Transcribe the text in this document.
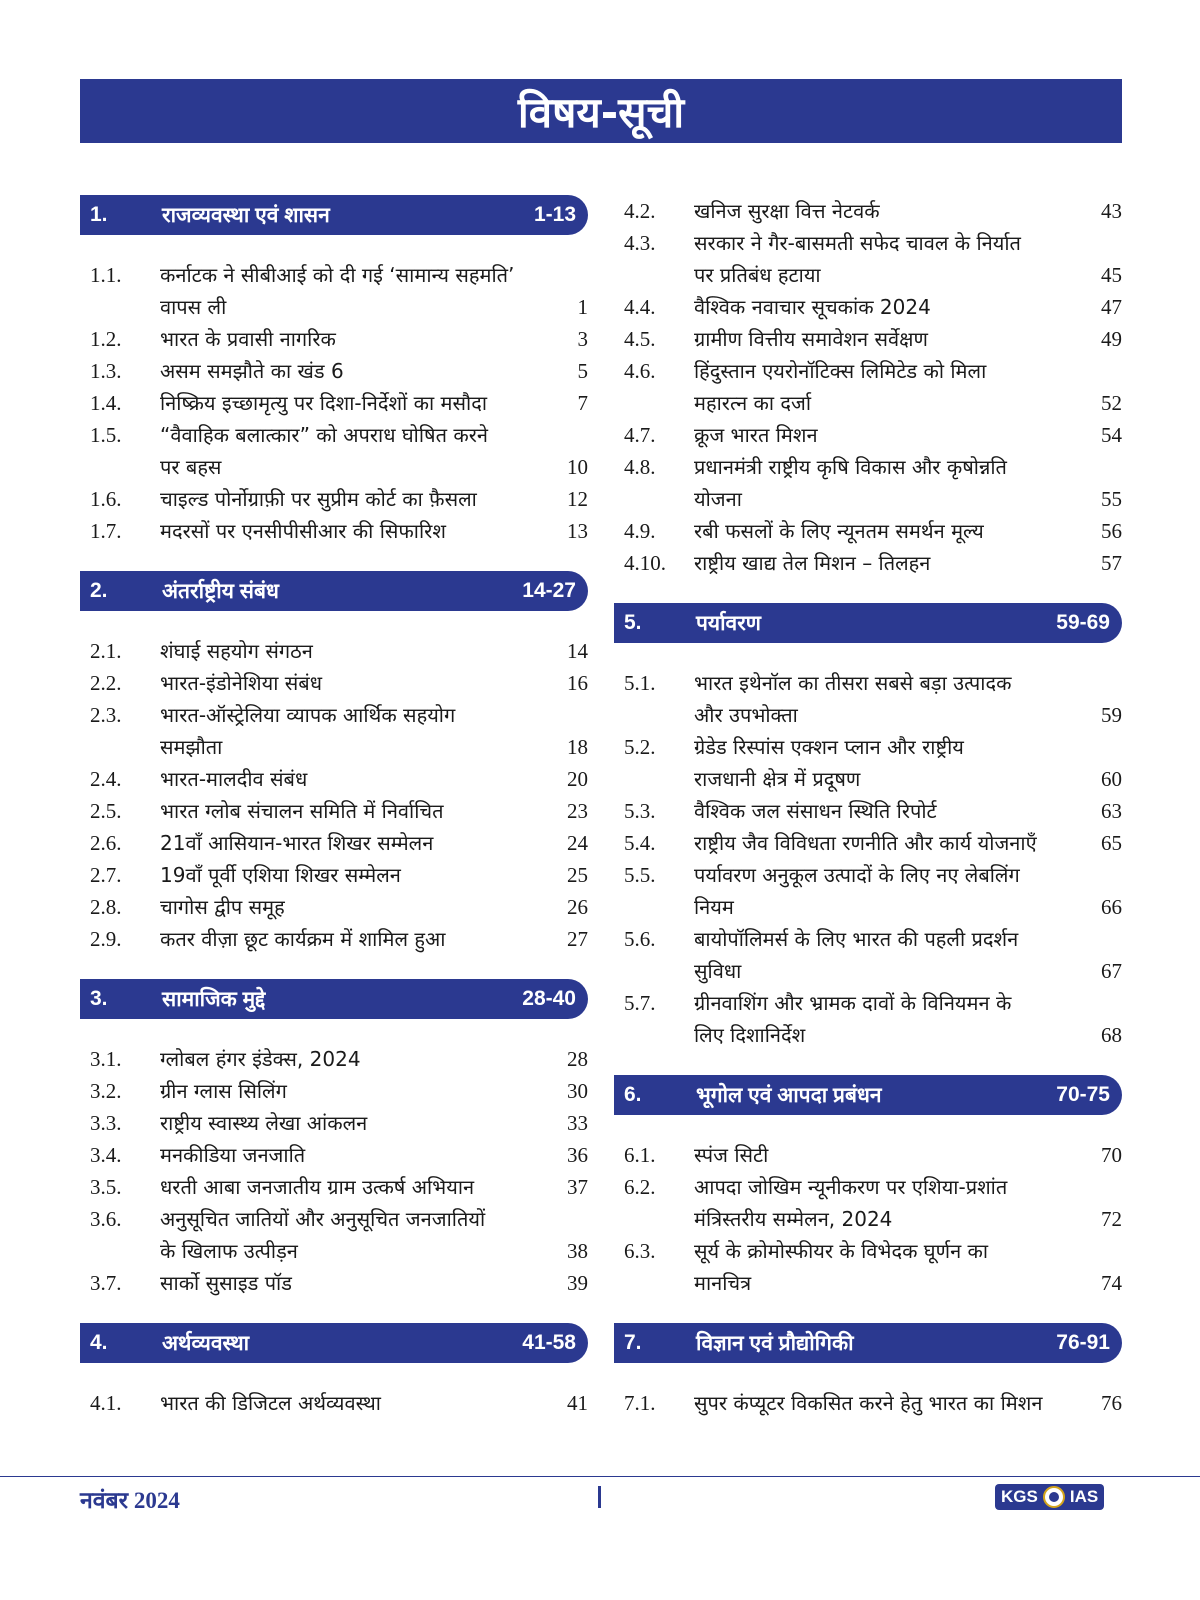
विषय-सूची
1.	राजव्यवस्था एवं शासन	1-13
1.1.	कर्नाटक ने सीबीआई को दी गई ‘सामान्य सहमति’
वापस ली	1
1.2.	भारत के प्रवासी नागरिक	3
1.3.	असम समझौते का खंड 6	5
1.4.	निष्क्रिय इच्छामृत्यु पर दिशा-निर्देशों का मसौदा	7
1.5.	“वैवाहिक बलात्कार” को अपराध घोषित करने
पर बहस	10
1.6.	चाइल्ड पोर्नोग्राफ़ी पर सुप्रीम कोर्ट का फ़ैसला	12
1.7.	मदरसों पर एनसीपीसीआर की सिफारिश	13
2.	अंतर्राष्ट्रीय संबंध	14-27
2.1.	शंघाई सहयोग संगठन	14
2.2.	भारत-इंडोनेशिया संबंध	16
2.3.	भारत-ऑस्ट्रेलिया व्यापक आर्थिक सहयोग
समझौता	18
2.4.	भारत-मालदीव संबंध	20
2.5.	भारत ग्लोब संचालन समिति में निर्वाचित	23
2.6.	21वाँ आसियान-भारत शिखर सम्मेलन	24
2.7.	19वाँ पूर्वी एशिया शिखर सम्मेलन	25
2.8.	चागोस द्वीप समूह	26
2.9.	कतर वीज़ा छूट कार्यक्रम में शामिल हुआ	27
3.	सामाजिक मुद्दे	28-40
3.1.	ग्लोबल हंगर इंडेक्स, 2024	28
3.2.	ग्रीन ग्लास सिलिंग	30
3.3.	राष्ट्रीय स्वास्थ्य लेखा आंकलन	33
3.4.	मनकीडिया जनजाति	36
3.5.	धरती आबा जनजातीय ग्राम उत्कर्ष अभियान	37
3.6.	अनुसूचित जातियों और अनुसूचित जनजातियों
के खिलाफ उत्पीड़न	38
3.7.	सार्को सुसाइड पॉड	39
4.	अर्थव्यवस्था	41-58
4.1.	भारत की डिजिटल अर्थव्यवस्था	41
4.2.	खनिज सुरक्षा वित्त नेटवर्क	43
4.3.	सरकार ने गैर-बासमती सफेद चावल के निर्यात
पर प्रतिबंध हटाया	45
4.4.	वैश्विक नवाचार सूचकांक 2024	47
4.5.	ग्रामीण वित्तीय समावेशन सर्वेक्षण	49
4.6.	हिंदुस्तान एयरोनॉटिक्स लिमिटेड को मिला
महारत्न का दर्जा	52
4.7.	क्रूज भारत मिशन	54
4.8.	प्रधानमंत्री राष्ट्रीय कृषि विकास और कृषोन्नति
योजना	55
4.9.	रबी फसलों के लिए न्यूनतम समर्थन मूल्य	56
4.10.	राष्ट्रीय खाद्य तेल मिशन – तिलहन	57
5.	पर्यावरण	59-69
5.1.	भारत इथेनॉल का तीसरा सबसे बड़ा उत्पादक
और उपभोक्ता	59
5.2.	ग्रेडेड रिस्पांस एक्शन प्लान और राष्ट्रीय
राजधानी क्षेत्र में प्रदूषण	60
5.3.	वैश्विक जल संसाधन स्थिति रिपोर्ट	63
5.4.	राष्ट्रीय जैव विविधता रणनीति और कार्य योजनाएँ	65
5.5.	पर्यावरण अनुकूल उत्पादों के लिए नए लेबलिंग
नियम	66
5.6.	बायोपॉलिमर्स के लिए भारत की पहली प्रदर्शन
सुविधा	67
5.7.	ग्रीनवाशिंग और भ्रामक दावों के विनियमन के
लिए दिशानिर्देश	68
6.	भूगोल एवं आपदा प्रबंधन	70-75
6.1.	स्पंज सिटी	70
6.2.	आपदा जोखिम न्यूनीकरण पर एशिया-प्रशांत
मंत्रिस्तरीय सम्मेलन, 2024	72
6.3.	सूर्य के क्रोमोस्फीयर के विभेदक घूर्णन का
मानचित्र	74
7.	विज्ञान एवं प्रौद्योगिकी	76-91
7.1.	सुपर कंप्यूटर विकसित करने हेतु भारत का मिशन	76
नवंबर 2024	KGS IAS
